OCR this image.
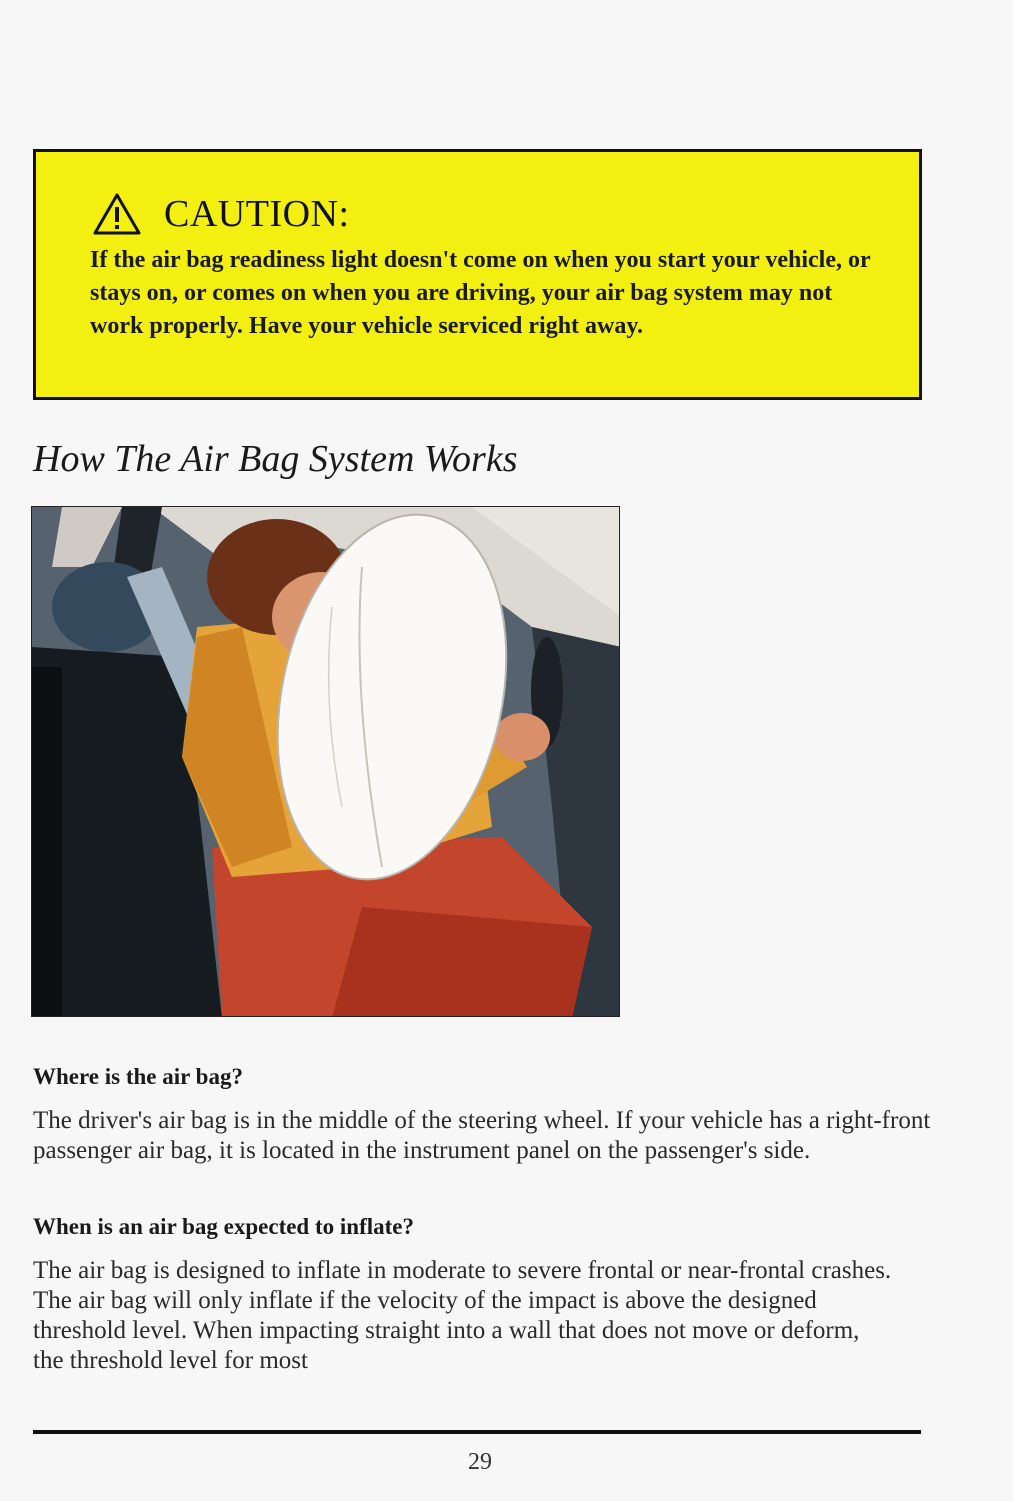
CAUTION:
If the air bag readiness light doesn't come on when you start your vehicle, or stays on, or comes on when you are driving, your air bag system may not work properly. Have your vehicle serviced right away.
How The Air Bag System Works
Where is the air bag?
The driver's air bag is in the middle of the steering wheel. If your vehicle has a right-front passenger air bag, it is located in the instrument panel on the passenger's side.
When is an air bag expected to inflate?
The air bag is designed to inflate in moderate to severe frontal or near-frontal crashes. The air bag will only inflate if the velocity of the impact is above the designed threshold level. When impacting straight into a wall that does not move or deform, the threshold level for most
29
